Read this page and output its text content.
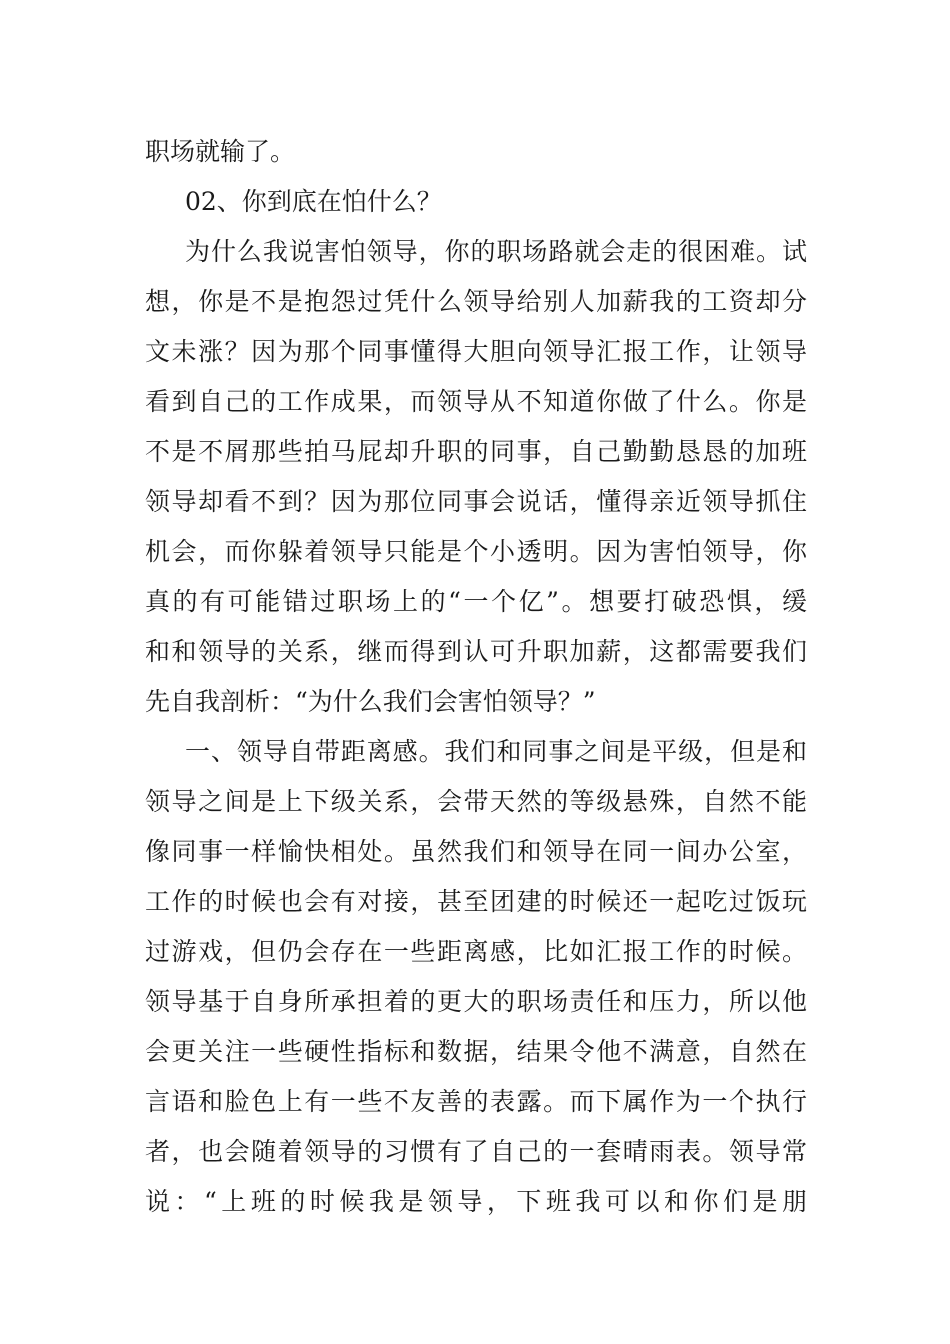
职场就输了。
02、你到底在怕什么？
为什么我说害怕领导，你的职场路就会走的很困难。试
想，你是不是抱怨过凭什么领导给别人加薪我的工资却分
文未涨？因为那个同事懂得大胆向领导汇报工作，让领导
看到自己的工作成果，而领导从不知道你做了什么。你是
不是不屑那些拍马屁却升职的同事，自己勤勤恳恳的加班
领导却看不到？因为那位同事会说话，懂得亲近领导抓住
机会，而你躲着领导只能是个小透明。因为害怕领导，你
真的有可能错过职场上的“一个亿”。想要打破恐惧，缓
和和领导的关系，继而得到认可升职加薪，这都需要我们
先自我剖析：“为什么我们会害怕领导？”
一、领导自带距离感。我们和同事之间是平级，但是和
领导之间是上下级关系，会带天然的等级悬殊，自然不能
像同事一样愉快相处。虽然我们和领导在同一间办公室，
工作的时候也会有对接，甚至团建的时候还一起吃过饭玩
过游戏，但仍会存在一些距离感，比如汇报工作的时候。
领导基于自身所承担着的更大的职场责任和压力，所以他
会更关注一些硬性指标和数据，结果令他不满意，自然在
言语和脸色上有一些不友善的表露。而下属作为一个执行
者，也会随着领导的习惯有了自己的一套晴雨表。领导常
说：“上班的时候我是领导，下班我可以和你们是朋
